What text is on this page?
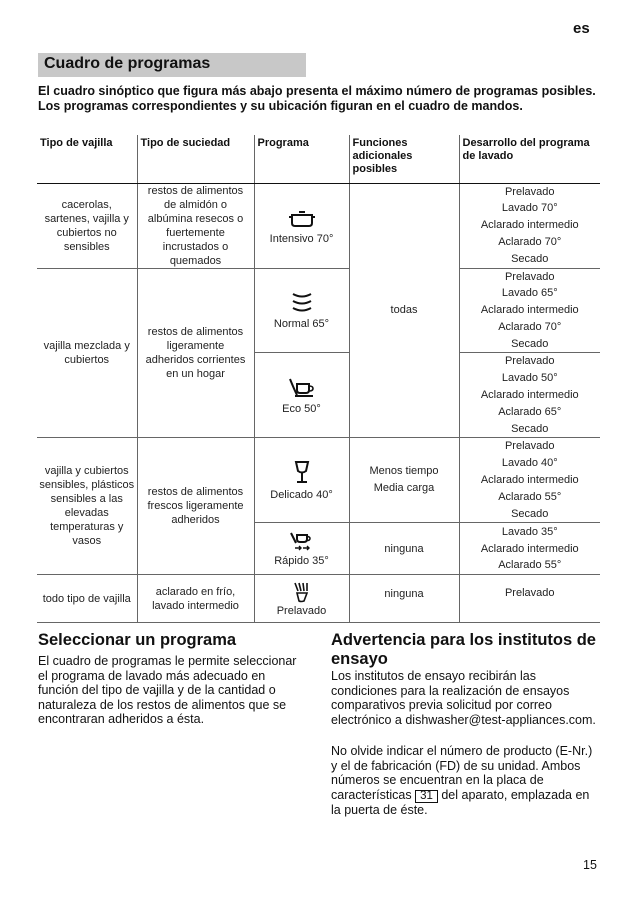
es
Cuadro de programas
El cuadro sinóptico que figura más abajo presenta el máximo número de programas posibles. Los programas correspondientes y su ubicación figuran en el cuadro de mandos.
Tipo de vajilla	Tipo de suciedad	Programa	Funciones adicionales posibles	Desarrollo del programa de lavado
cacerolas, sartenes, vajilla y cubiertos no sensibles	restos de alimentos de almidón o albúmina resecos o fuertemente incrustados o quemados	Intensivo 70°	todas	Prelavado
Lavado 70°
Aclarado intermedio
Aclarado 70°
Secado

vajilla mezclada y cubiertos	restos de alimentos ligeramente adheridos corrientes en un hogar	Normal 65°		Prelavado
Lavado 65°
Aclarado intermedio
Aclarado 70°
Secado

		Eco 50°		Prelavado
Lavado 50°
Aclarado intermedio
Aclarado 65°
Secado

vajilla y cubiertos sensibles, plásticos sensibles a las elevadas temperaturas y vasos	restos de alimentos frescos ligeramente adheridos	Delicado 40°	Menos tiempo Media carga	Prelavado
Lavado 40°
Aclarado intermedio
Aclarado 55°
Secado

		Rápido 35°	ninguna	Lavado 35°
Aclarado intermedio
Aclarado 55°

todo tipo de vajilla	aclarado en frío, lavado intermedio	Prelavado	ninguna	Prelavado
Seleccionar un programa

El cuadro de programas le permite seleccionar el programa de lavado más adecuado en función del tipo de vajilla y de la cantidad o naturaleza de los restos de alimentos que se encontraran adheridos a ésta.

Advertencia para los institutos de ensayo

Los institutos de ensayo recibirán las condiciones para la realización de ensayos comparativos previa solicitud por correo electrónico a dishwasher@test-appliances.com.

No olvide indicar el número de producto (E-Nr.) y el de fabricación (FD) de su unidad. Ambos números se encuentran en la placa de características 31 del aparato, emplazada en la puerta de éste.

15
